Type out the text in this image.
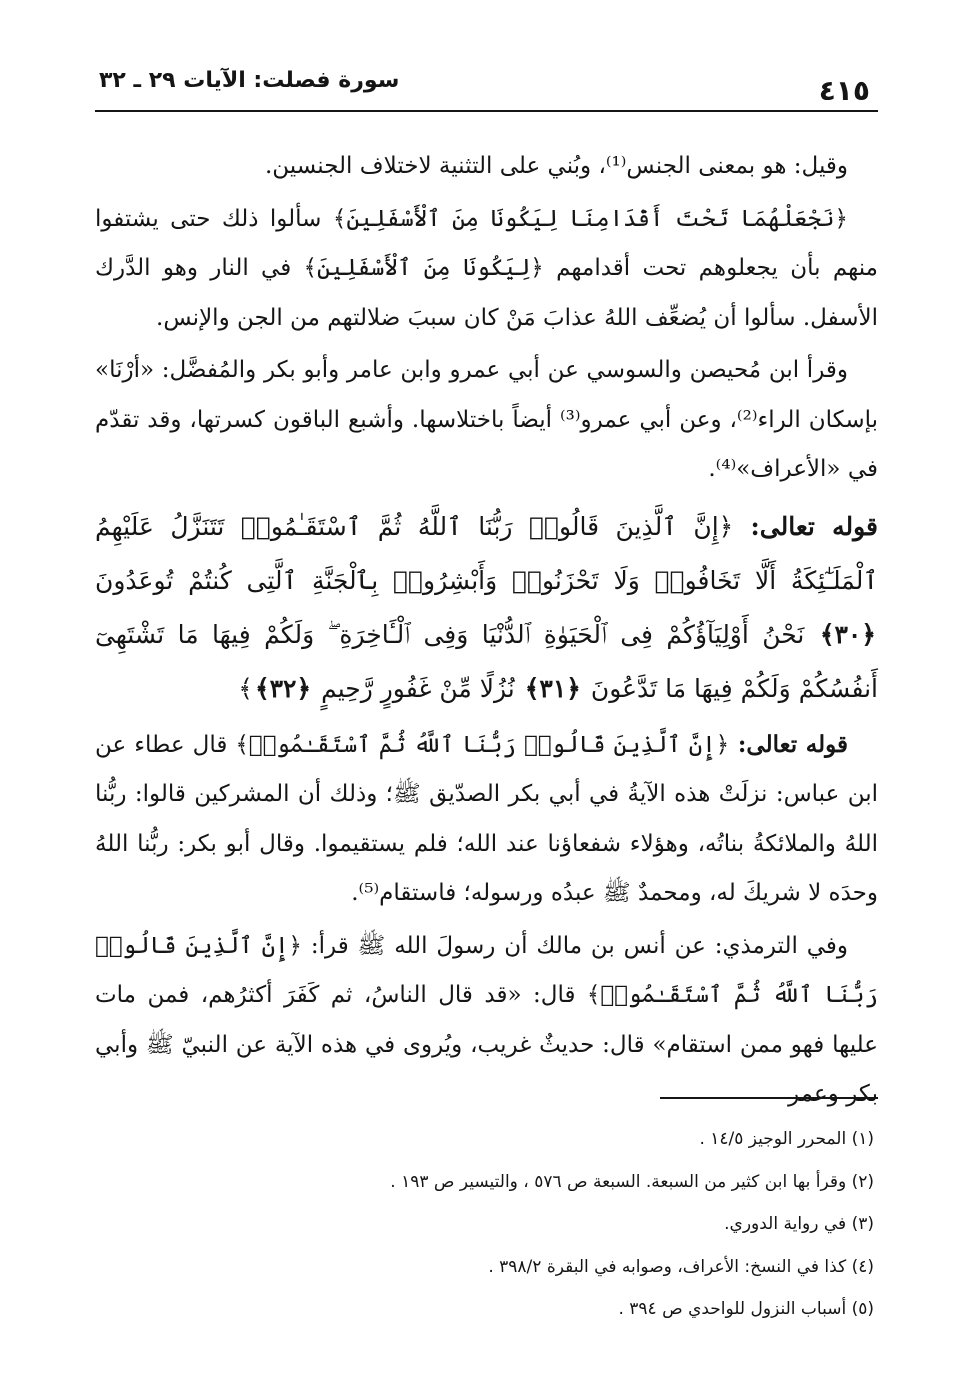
٤١٥
سورة فصلت: الآيات ٢٩ ـ ٣٢

وقيل: هو بمعنى الجنس⁽¹⁾، وبُني على التثنية لاختلاف الجنسين.

﴿نَجْعَلْهُمَا تَحْتَ أَقْدَامِنَا لِيَكُونَا مِنَ ٱلْأَسْفَلِينَ﴾ سألوا ذلك حتى يشتفوا منهم بأن يجعلوهم تحت أقدامهم ﴿لِيَكُونَا مِنَ ٱلْأَسْفَلِينَ﴾ في النار وهو الدَّرك الأسفل. سألوا أن يُضعِّف اللهُ عذابَ مَنْ كان سببَ ضلالتهم من الجن والإنس.

وقرأ ابن مُحيصن والسوسي عن أبي عمرو وابن عامر وأبو بكر والمُفضَّل: «أرْنَا» بإسكان الراء⁽²⁾، وعن أبي عمرو⁽³⁾ أيضاً باختلاسها. وأشبع الباقون كسرتها، وقد تقدّم في «الأعراف»⁽⁴⁾.

قوله تعالى: ﴿إِنَّ ٱلَّذِينَ قَالُوا۟ رَبُّنَا ٱللَّهُ ثُمَّ ٱسْتَقَـٰمُوا۟ تَتَنَزَّلُ عَلَيْهِمُ ٱلْمَلَـٰٓئِكَةُ أَلَّا تَخَافُوا۟ وَلَا تَحْزَنُوا۟ وَأَبْشِرُوا۟ بِٱلْجَنَّةِ ٱلَّتِى كُنتُمْ تُوعَدُونَ ﴿٣٠﴾ نَحْنُ أَوْلِيَآؤُكُمْ فِى ٱلْحَيَوٰةِ ٱلدُّنْيَا وَفِى ٱلْـَٔاخِرَةِ ۖ وَلَكُمْ فِيهَا مَا تَشْتَهِىٓ أَنفُسُكُمْ وَلَكُمْ فِيهَا مَا تَدَّعُونَ ﴿٣١﴾ نُزُلًا مِّنْ غَفُورٍ رَّحِيمٍ ﴿٣٢﴾﴾

قوله تعالى: ﴿إِنَّ ٱلَّذِينَ قَالُوا۟ رَبُّنَا ٱللَّهُ ثُمَّ ٱسْتَقَـٰمُوا۟﴾ قال عطاء عن ابن عباس: نزلَتْ هذه الآيةُ في أبي بكر الصدّيق ﷺ؛ وذلك أن المشركين قالوا: ربُّنا اللهُ والملائكةُ بناتُه، وهؤلاء شفعاؤنا عند الله؛ فلم يستقيموا. وقال أبو بكر: ربُّنا اللهُ وحدَه لا شريكَ له، ومحمدٌ ﷺ عبدُه ورسوله؛ فاستقام⁽⁵⁾.

وفي الترمذي: عن أنس بن مالك أن رسولَ الله ﷺ قرأ: ﴿إِنَّ ٱلَّذِينَ قَالُوا۟ رَبُّنَا ٱللَّهُ ثُمَّ ٱسْتَقَـٰمُوا۟﴾ قال: «قد قال الناسُ، ثم كَفَرَ أكثرُهم، فمن مات عليها فهو ممن استقام» قال: حديثٌ غريب، ويُروى في هذه الآية عن النبيّ ﷺ وأبي بكر وعمر

(١) المحرر الوجيز ١٤/٥ .
(٢) وقرأ بها ابن كثير من السبعة. السبعة ص ٥٧٦ ، والتيسير ص ١٩٣ .
(٣) في رواية الدوري.
(٤) كذا في النسخ: الأعراف، وصوابه في البقرة ٣٩٨/٢ .
(٥) أسباب النزول للواحدي ص ٣٩٤ .
